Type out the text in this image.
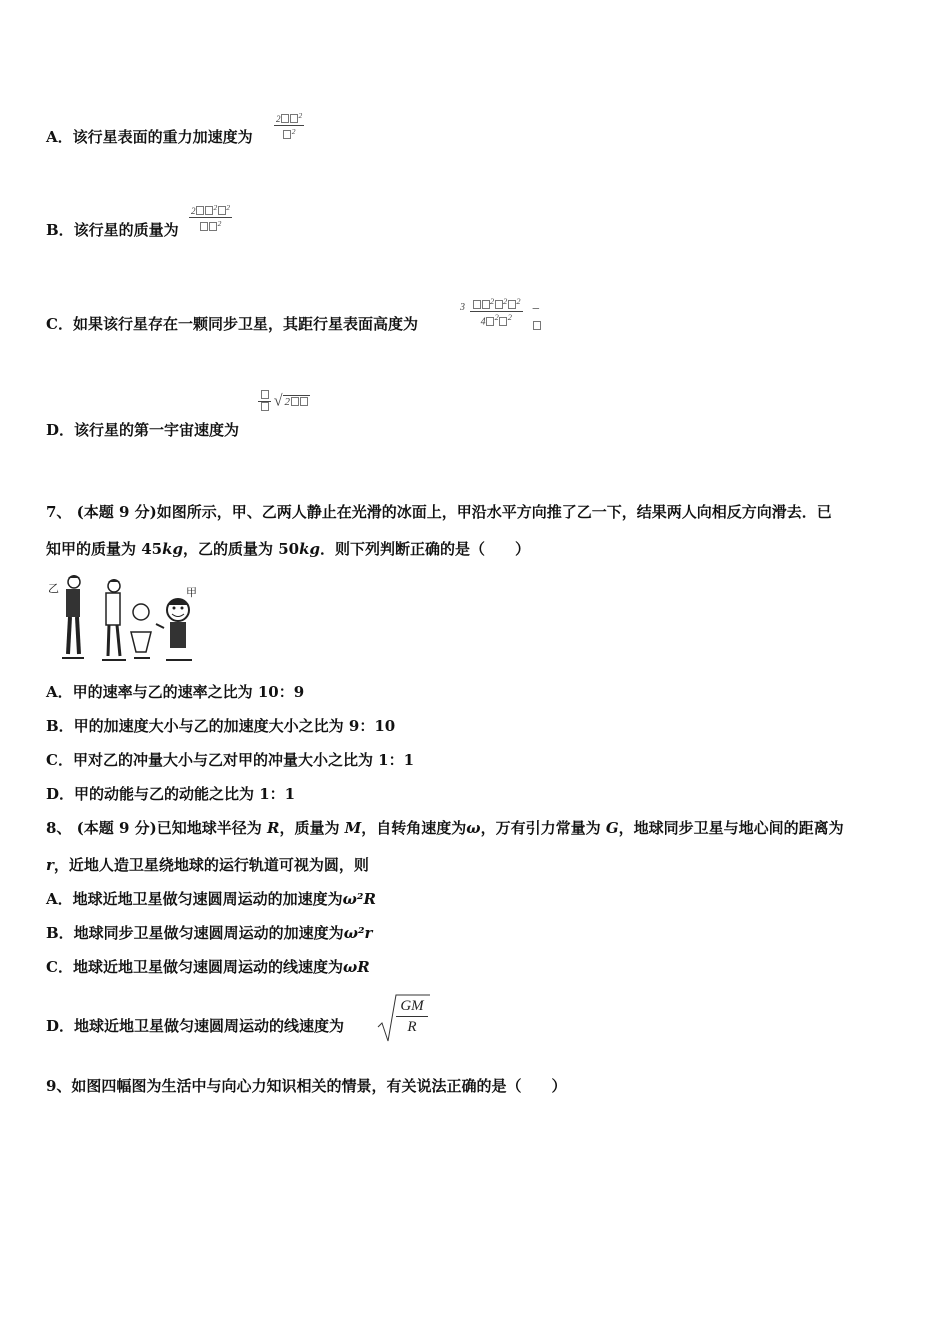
A．该行星表面的重力加速度为 $\frac{2 ^2}{^2}$
B．该行星的质量为 $\frac{2 ^2 ^2}{^2}$
C．如果该行星存在一颗同步卫星，其距行星表面高度为
$3 \frac{^2 ^2 ^2}{4 ^2 ^2}$ −
D．该行星的第一宇宙速度为
√ 2
7、 (本题 9 分)如图所示，甲、乙两人静止在光滑的冰面上，甲沿水平方向推了乙一下，结果两人向相反方向滑去．已
知甲的质量为 45kg，乙的质量为 50kg．则下列判断正确的是（　　）
乙	甲
A．甲的速率与乙的速率之比为 10：9
B．甲的加速度大小与乙的加速度大小之比为 9：10
C．甲对乙的冲量大小与乙对甲的冲量大小之比为 1：1
D．甲的动能与乙的动能之比为 1：1
8、 (本题 9 分)已知地球半径为 R，质量为 M，自转角速度为ω，万有引力常量为 G，地球同步卫星与地心间的距离为
r，近地人造卫星绕地球的运行轨道可视为圆，则
A．地球近地卫星做匀速圆周运动的加速度为ω²R
B．地球同步卫星做匀速圆周运动的加速度为ω²r
C．地球近地卫星做匀速圆周运动的线速度为ωR
D．地球近地卫星做匀速圆周运动的线速度为
GM
R
9、如图四幅图为生活中与向心力知识相关的情景，有关说法正确的是（　　）
